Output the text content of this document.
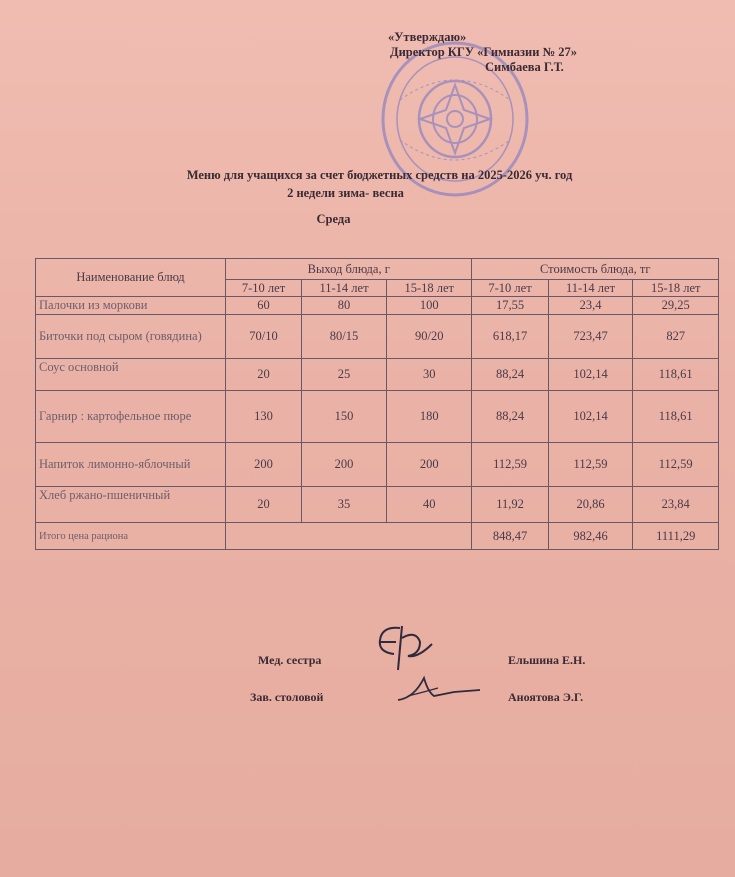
«Утверждаю»
Директор КГУ «Гимназии № 27»
Симбаева Г.Т.
Меню для учащихся за счет бюджетных средств на 2025-2026 уч. год
2 недели зима- весна
Среда
Наименование блюд	Выход блюда, г			Стоимость блюда, тг		
	7-10 лет	11-14 лет	15-18 лет	7-10 лет	11-14 лет	15-18 лет
Палочки из моркови	60	80	100	17,55	23,4	29,25
Биточки под сыром (говядина)	70/10	80/15	90/20	618,17	723,47	827
Соус основной	20	25	30	88,24	102,14	118,61
Гарнир : картофельное пюре	130	150	180	88,24	102,14	118,61
Напиток лимонно-яблочный	200	200	200	112,59	112,59	112,59
Хлеб ржано-пшеничный	20	35	40	11,92	20,86	23,84
Итого цена рациона				848,47	982,46	1111,29
Мед. сестра	Ельшина Е.Н.
Зав. столовой	Аноятова Э.Г.
